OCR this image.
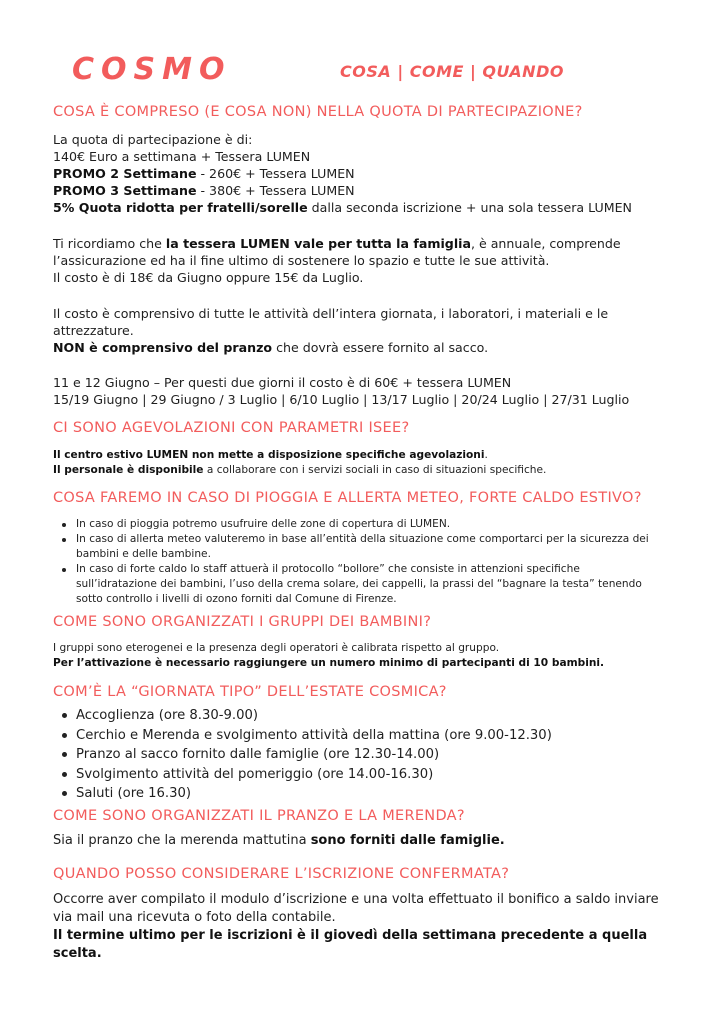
COSMO	COSA | COME | QUANDO
COSA È COMPRESO (E COSA NON) NELLA QUOTA DI PARTECIPAZIONE?

La quota di partecipazione è di:

140€ Euro a settimana + Tessera LUMEN

PROMO 2 Settimane - 260€ + Tessera LUMEN

PROMO 3 Settimane - 380€ + Tessera LUMEN

5% Quota ridotta per fratelli/sorelle dalla seconda iscrizione + una sola tessera LUMEN

Ti ricordiamo che la tessera LUMEN vale per tutta la famiglia, è annuale, comprende l’assicurazione ed ha il fine ultimo di sostenere lo spazio e tutte le sue attività.

Il costo è di 18€ da Giugno oppure 15€ da Luglio.

Il costo è comprensivo di tutte le attività dell’intera giornata, i laboratori, i materiali e le attrezzature.

NON è comprensivo del pranzo che dovrà essere fornito al sacco.

11 e 12 Giugno – Per questi due giorni il costo è di 60€ + tessera LUMEN

15/19 Giugno | 29 Giugno / 3 Luglio | 6/10 Luglio | 13/17 Luglio | 20/24 Luglio | 27/31 Luglio

CI SONO AGEVOLAZIONI CON PARAMETRI ISEE?

Il centro estivo LUMEN non mette a disposizione specifiche agevolazioni.

Il personale è disponibile a collaborare con i servizi sociali in caso di situazioni specifiche.

COSA FAREMO IN CASO DI PIOGGIA E ALLERTA METEO, FORTE CALDO ESTIVO?
In caso di pioggia potremo usufruire delle zone di copertura di LUMEN.
In caso di allerta meteo valuteremo in base all’entità della situazione come comportarci per la sicurezza dei bambini e delle bambine.
In caso di forte caldo lo staff attuerà il protocollo “bollore” che consiste in attenzioni specifiche sull’idratazione dei bambini, l’uso della crema solare, dei cappelli, la prassi del “bagnare la testa” tenendo sotto controllo i livelli di ozono forniti dal Comune di Firenze.
COME SONO ORGANIZZATI I GRUPPI DEI BAMBINI?

I gruppi sono eterogenei e la presenza degli operatori è calibrata rispetto al gruppo.

Per l’attivazione è necessario raggiungere un numero minimo di partecipanti di 10 bambini.

COM’È LA “GIORNATA TIPO” DELL’ESTATE COSMICA?
Accoglienza (ore 8.30-9.00)
Cerchio e Merenda e svolgimento attività della mattina (ore 9.00-12.30)
Pranzo al sacco fornito dalle famiglie (ore 12.30-14.00)
Svolgimento attività del pomeriggio (ore 14.00-16.30)
Saluti (ore 16.30)
COME SONO ORGANIZZATI IL PRANZO E LA MERENDA?

Sia il pranzo che la merenda mattutina sono forniti dalle famiglie.

QUANDO POSSO CONSIDERARE L’ISCRIZIONE CONFERMATA?

Occorre aver compilato il modulo d’iscrizione e una volta effettuato il bonifico a saldo inviare via mail una ricevuta o foto della contabile.

Il termine ultimo per le iscrizioni è il giovedì della settimana precedente a quella scelta.
